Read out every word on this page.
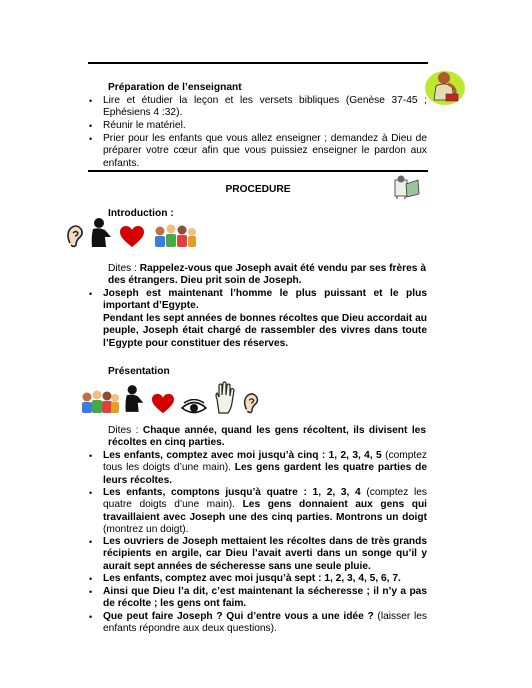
Préparation de l’enseignant
• Lire et étudier la leçon et les versets bibliques (Genèse 37-45 ; Ephésiens 4 :32).
• Réunir le matériel.
• Prier pour les enfants que vous allez enseigner ; demandez à Dieu de préparer votre cœur afin que vous puissiez enseigner le pardon aux enfants.
PROCEDURE
Introduction :
Dites : Rappelez-vous que Joseph avait été vendu par ses frères à des étrangers. Dieu prit soin de Joseph.
• Joseph est maintenant l’homme le plus puissant et le plus important d’Egypte.
Pendant les sept années de bonnes récoltes que Dieu accordait au peuple, Joseph était chargé de rassembler des vivres dans toute l’Egypte pour constituer des réserves.
Présentation
Dites : Chaque année, quand les gens récoltent, ils divisent les récoltes en cinq parties.
• Les enfants, comptez avec moi jusqu’à cinq : 1, 2, 3, 4, 5 (comptez tous les doigts d’une main). Les gens gardent les quatre parties de leurs récoltes.
• Les enfants, comptons jusqu’à quatre : 1, 2, 3, 4 (comptez les quatre doigts d’une main). Les gens donnaient aux gens qui travaillaient avec Joseph une des cinq parties. Montrons un doigt (montrez un doigt).
• Les ouvriers de Joseph mettaient les récoltes dans de très grands récipients en argile, car Dieu l’avait averti dans un songe qu’il y aurait sept années de sécheresse sans une seule pluie.
• Les enfants, comptez avec moi jusqu’à sept : 1, 2, 3, 4, 5, 6, 7.
• Ainsi que Dieu l’a dit, c’est maintenant la sécheresse ; il n’y a pas de récolte ; les gens ont faim.
• Que peut faire Joseph ? Qui d’entre vous a une idée ? (laisser les enfants répondre aux deux questions).
